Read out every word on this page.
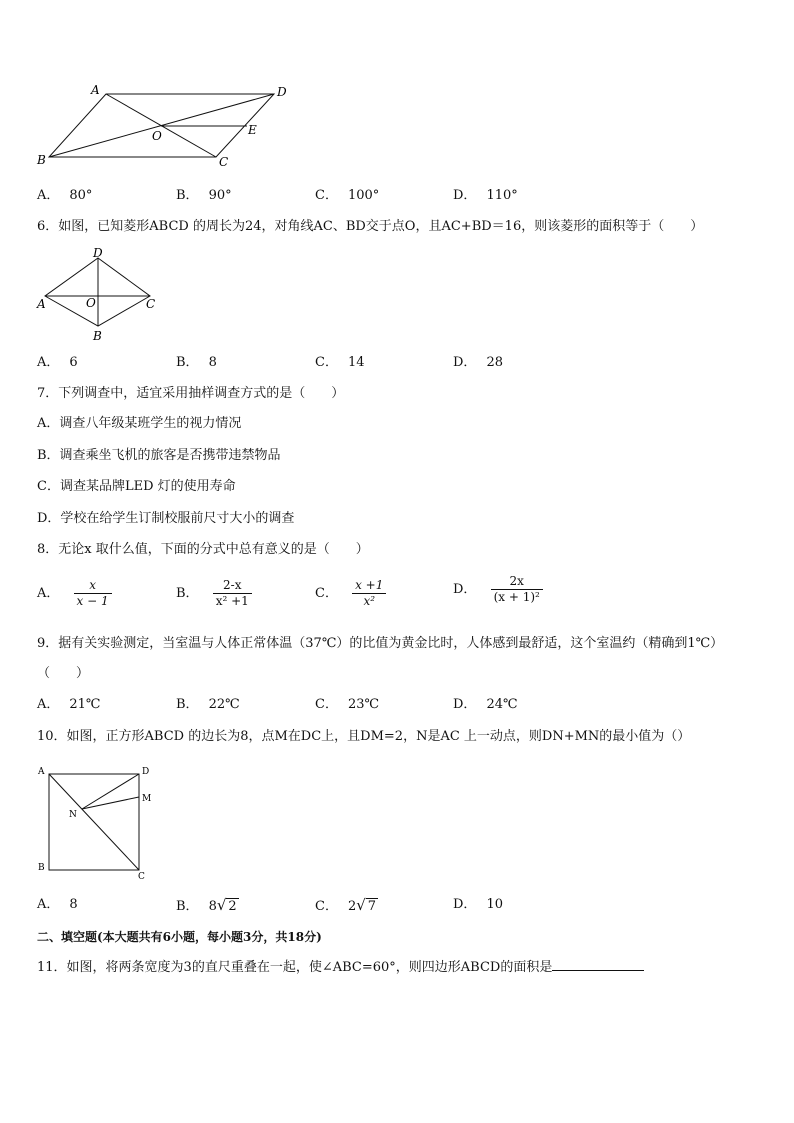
A	D
O	E
B	C
A． 80°	B． 90°	C． 100°	D． 110°
6．如图，已知菱形ABCD 的周长为24，对角线AC、BD交于点O，且AC+BD＝16，则该菱形的面积等于（　　）
D
A	O	C
B
A． 6	B． 8	C． 14	D． 28
7．下列调查中，适宜采用抽样调查方式的是（　　）
A．调查八年级某班学生的视力情况
B．调查乘坐飞机的旅客是否携带违禁物品
C．调查某品牌LED 灯的使用寿命
D．学校在给学生订制校服前尺寸大小的调查
8．无论x 取什么值，下面的分式中总有意义的是（　　）
A． $\frac{x}{x - 1}$	B． $\frac{2-x}{\text{x² +1}}$	C． $\frac{x +1}{\text{x²}}$	D． $\frac{2x}{\text{(x + 1)²}}$
9．据有关实验测定，当室温与人体正常体温（37℃）的比值为黄金比时，人体感到最舒适，这个室温约（精确到1℃）
（　　）
A． 21℃	B． 22℃	C． 23℃	D． 24℃
10．如图，正方形ABCD 的边长为8，点M在DC上，且DM=2，N是AC 上一动点，则DN+MN的最小值为（）
A	D
M
N
B
C
A． 8	B． 8√ 2	C． 2√ 7	D． 10
二、填空题(本大题共有6小题，每小题3分，共18分)
11．如图，将两条宽度为3的直尺重叠在一起，使∠ABC=60°，则四边形ABCD的面积是
